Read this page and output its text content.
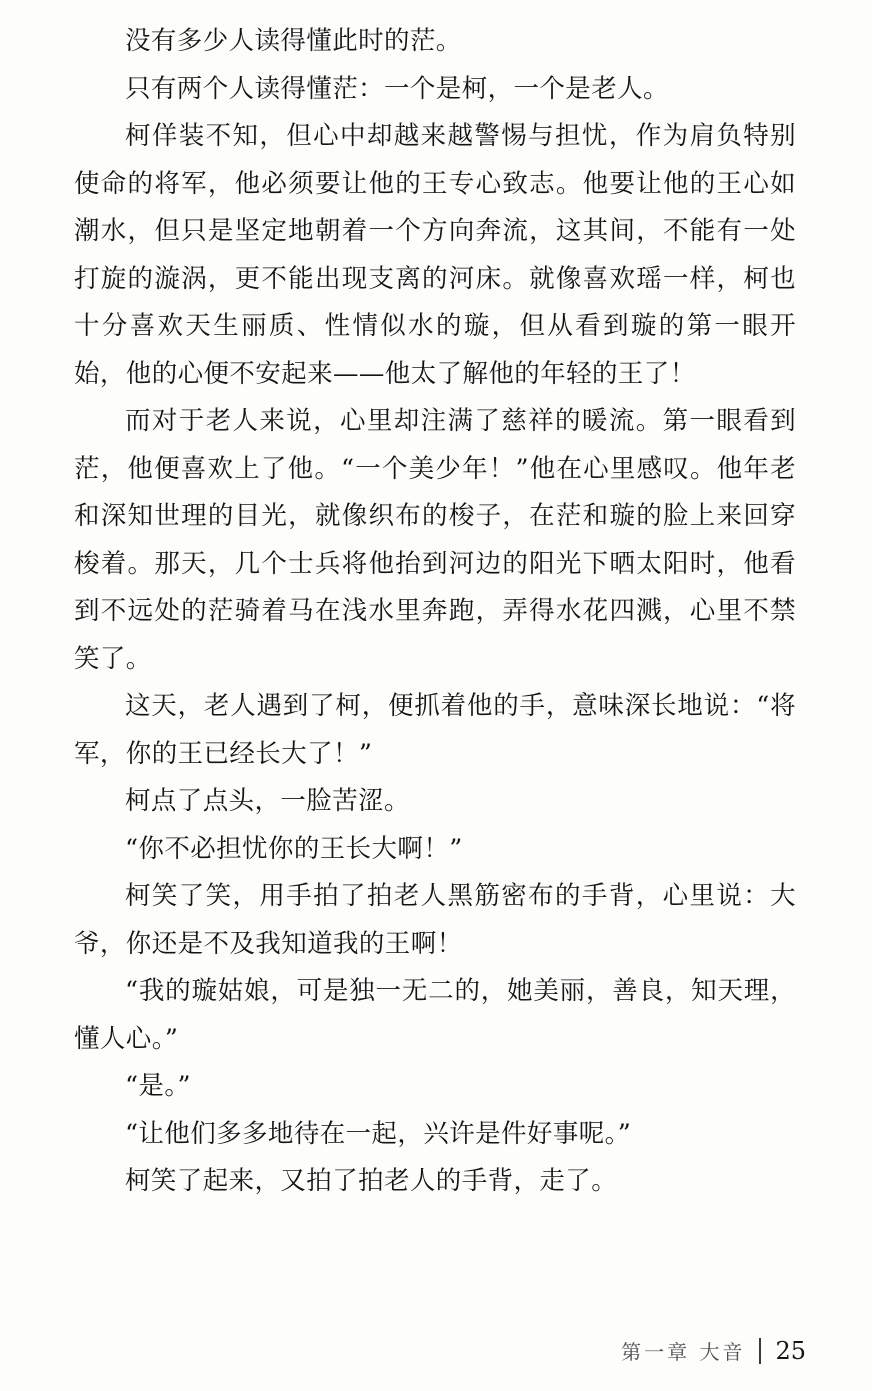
没有多少人读得懂此时的茫。

只有两个人读得懂茫：一个是柯，一个是老人。

柯佯装不知，但心中却越来越警惕与担忧，作为肩负特别使命的将军，他必须要让他的王专心致志。他要让他的王心如潮水，但只是坚定地朝着一个方向奔流，这其间，不能有一处打旋的漩涡，更不能出现支离的河床。就像喜欢瑶一样，柯也十分喜欢天生丽质、性情似水的璇，但从看到璇的第一眼开始，他的心便不安起来——他太了解他的年轻的王了！

而对于老人来说，心里却注满了慈祥的暖流。第一眼看到茫，他便喜欢上了他。“一个美少年！”他在心里感叹。他年老和深知世理的目光，就像织布的梭子，在茫和璇的脸上来回穿梭着。那天，几个士兵将他抬到河边的阳光下晒太阳时，他看到不远处的茫骑着马在浅水里奔跑，弄得水花四溅，心里不禁笑了。

这天，老人遇到了柯，便抓着他的手，意味深长地说：“将军，你的王已经长大了！”

柯点了点头，一脸苦涩。

“你不必担忧你的王长大啊！”

柯笑了笑，用手拍了拍老人黑筋密布的手背，心里说：大爷，你还是不及我知道我的王啊！

“我的璇姑娘，可是独一无二的，她美丽，善良，知天理，懂人心。”

“是。”

“让他们多多地待在一起，兴许是件好事呢。”

柯笑了起来，又拍了拍老人的手背，走了。

第一章 大音 25
